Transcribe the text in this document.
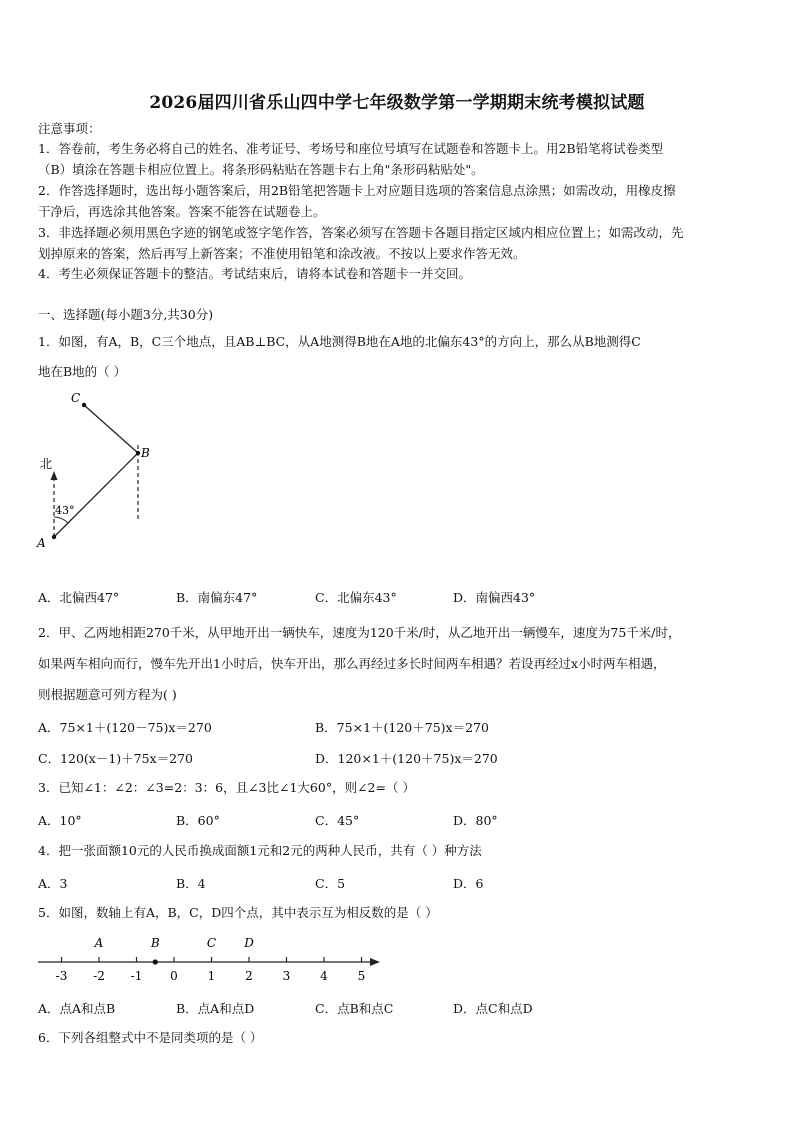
2026届四川省乐山四中学七年级数学第一学期期末统考模拟试题
注意事项：
1．答卷前，考生务必将自己的姓名、准考证号、考场号和座位号填写在试题卷和答题卡上。用2B铅笔将试卷类型
（B）填涂在答题卡相应位置上。将条形码粘贴在答题卡右上角"条形码粘贴处"。
2．作答选择题时，选出每小题答案后，用2B铅笔把答题卡上对应题目选项的答案信息点涂黑；如需改动，用橡皮擦
干净后，再选涂其他答案。答案不能答在试题卷上。
3．非选择题必须用黑色字迹的钢笔或签字笔作答，答案必须写在答题卡各题目指定区域内相应位置上；如需改动，先
划掉原来的答案，然后再写上新答案；不准使用铅笔和涂改液。不按以上要求作答无效。
4．考生必须保证答题卡的整洁。考试结束后，请将本试卷和答题卡一并交回。
一、选择题(每小题3分,共30分)
1．如图，有A，B，C三个地点，且AB⊥BC，从A地测得B地在A地的北偏东43°的方向上，那么从B地测得C
地在B地的（ ）
C
B
A
北
43°
A．北偏西47°	B．南偏东47°	C．北偏东43°	D．南偏西43°
2．甲、乙两地相距270千米，从甲地开出一辆快车，速度为120千米/时，从乙地开出一辆慢车，速度为75千米/时，
如果两车相向而行，慢车先开出1小时后，快车开出，那么再经过多长时间两车相遇？若设再经过x小时两车相遇，
则根据题意可列方程为( )
A．75×1＋(120－75)x＝270	B．75×1＋(120＋75)x＝270
C．120(x－1)＋75x＝270	D．120×1＋(120＋75)x＝270
3．已知∠1：∠2：∠3=2：3：6，且∠3比∠1大60°，则∠2=（ ）
A．10°	B．60°	C．45°	D．80°
4．把一张面额10元的人民币换成面额1元和2元的两种人民币，共有（ ）种方法
A．3	B．4	C．5	D．6
5．如图，数轴上有A，B，C，D四个点，其中表示互为相反数的是（ ）
-3 -2 -1 0 1 2 3 4 5
A	B	C D
A．点A和点B	B．点A和点D	C．点B和点C	D．点C和点D
6．下列各组整式中不是同类项的是（ ）
